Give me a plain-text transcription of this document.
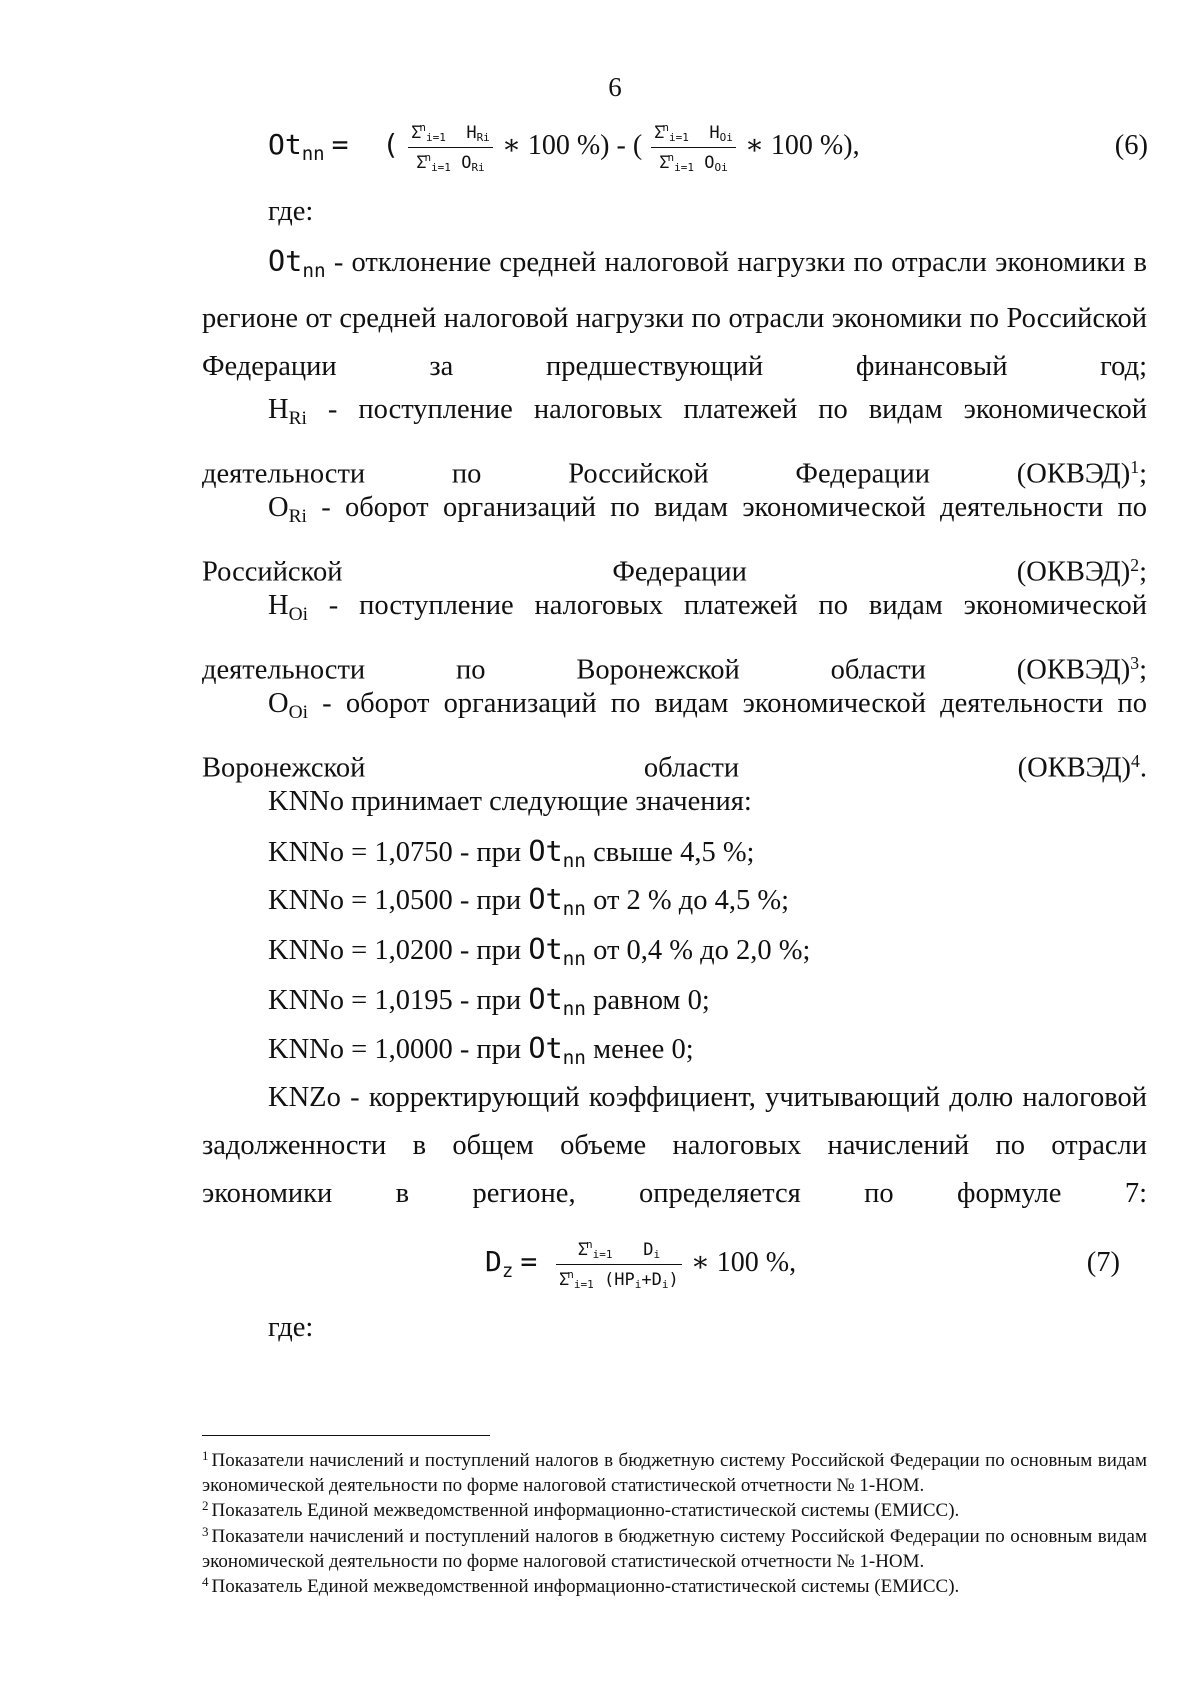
6
$Ot_{nn}$ =  ( $\frac{\Sigma^ni=1 HRi}{\Sigma^ni=1 ORi}$ ∗ 100 %) - ( $\frac{\Sigma^ni=1 HOi}{\Sigma^ni=1 OOi}$ ∗ 100 %),	(6)
где:
$Ot_{nn}$ - отклонение средней налоговой нагрузки по отрасли экономики в регионе от средней налоговой нагрузки по отрасли экономики по Российской Федерации за предшествующий финансовый год;
$H_{Ri}$ - поступление налоговых платежей по видам экономической деятельности по Российской Федерации (ОКВЭД)$^1$;
$O_{Ri}$ - оборот организаций по видам экономической деятельности по Российской Федерации (ОКВЭД)$^2$;
$H_{Oi}$ - поступление налоговых платежей по видам экономической деятельности по Воронежской области (ОКВЭД)$^3$;
$O_{Oi}$ - оборот организаций по видам экономической деятельности по Воронежской области (ОКВЭД)$^4$.
KNNo принимает следующие значения:
KNNo = 1,0750 - при $Ot_{nn}$ свыше 4,5 %;
KNNo = 1,0500 - при $Ot_{nn}$ от 2 % до 4,5 %;
KNNo = 1,0200 - при $Ot_{nn}$ от 0,4 % до 2,0 %;
KNNo = 1,0195 - при $Ot_{nn}$ равном 0;
KNNo = 1,0000 - при $Ot_{nn}$ менее 0;
KNZo - корректирующий коэффициент, учитывающий долю налоговой задолженности в общем объеме налоговых начислений по отрасли экономики в регионе, определяется по формуле 7:
$D_z = \frac{\Sigma^ni=1 Di}{\Sigma^ni=1 (HPi+Di)}$ ∗ 100 %,	(7)
где:
$^1$ Показатели начислений и поступлений налогов в бюджетную систему Российской Федерации по основным видам экономической деятельности по форме налоговой статистической отчетности № 1-НОМ.
$^2$ Показатель Единой межведомственной информационно-статистической системы (ЕМИСС).
$^3$ Показатели начислений и поступлений налогов в бюджетную систему Российской Федерации по основным видам экономической деятельности по форме налоговой статистической отчетности № 1-НОМ.
$^4$ Показатель Единой межведомственной информационно-статистической системы (ЕМИСС).
